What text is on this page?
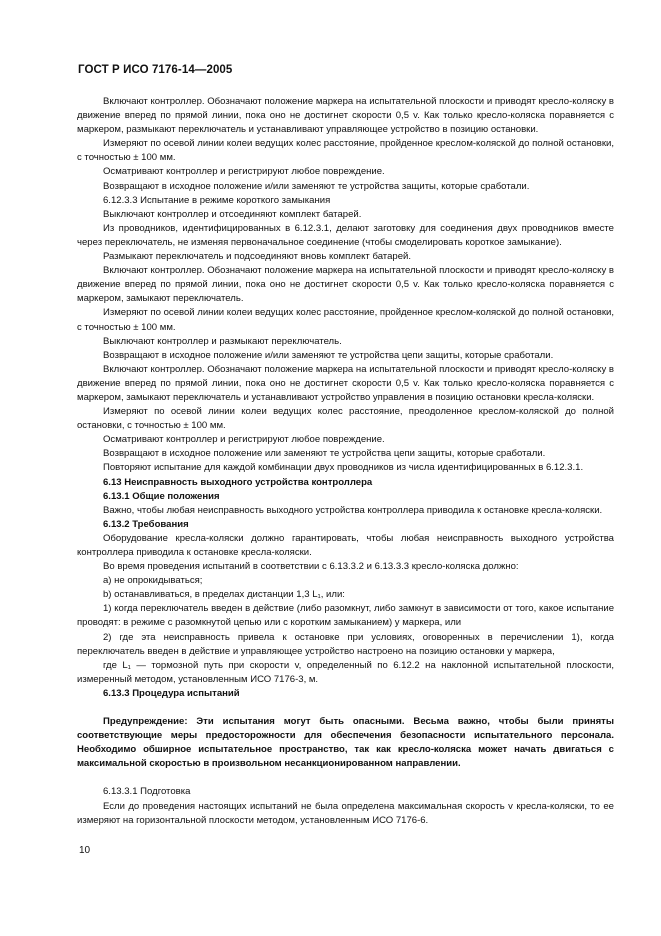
ГОСТ Р ИСО 7176-14—2005

Включают контроллер. Обозначают положение маркера на испытательной плоскости и приводят кресло-коляску в движение вперед по прямой линии, пока оно не достигнет скорости 0,5 v. Как только кресло-коляска поравняется с маркером, размыкают переключатель и устанавливают управляющее устройство в позицию остановки.

Измеряют по осевой линии колеи ведущих колес расстояние, пройденное креслом-коляской до полной остановки, с точностью ± 100 мм.

Осматривают контроллер и регистрируют любое повреждение.

Возвращают в исходное положение и/или заменяют те устройства защиты, которые сработали.

6.12.3.3 Испытание в режиме короткого замыкания

Выключают контроллер и отсоединяют комплект батарей.

Из проводников, идентифицированных в 6.12.3.1, делают заготовку для соединения двух проводников вместе через переключатель, не изменяя первоначальное соединение (чтобы смоделировать короткое замыкание).

Размыкают переключатель и подсоединяют вновь комплект батарей.

Включают контроллер. Обозначают положение маркера на испытательной плоскости и приводят кресло-коляску в движение вперед по прямой линии, пока оно не достигнет скорости 0,5 v. Как только кресло-коляска поравняется с маркером, замыкают переключатель.

Измеряют по осевой линии колеи ведущих колес расстояние, пройденное креслом-коляской до полной остановки, с точностью ± 100 мм.

Выключают контроллер и размыкают переключатель.

Возвращают в исходное положение и/или заменяют те устройства цепи защиты, которые сработали.

Включают контроллер. Обозначают положение маркера на испытательной плоскости и приводят кресло-коляску в движение вперед по прямой линии, пока оно не достигнет скорости 0,5 v. Как только кресло-коляска поравняется с маркером, замыкают переключатель и устанавливают устройство управления в позицию остановки кресла-коляски.

Измеряют по осевой линии колеи ведущих колес расстояние, преодоленное креслом-коляской до полной остановки, с точностью ± 100 мм.

Осматривают контроллер и регистрируют любое повреждение.

Возвращают в исходное положение или заменяют те устройства цепи защиты, которые сработали.

Повторяют испытание для каждой комбинации двух проводников из числа идентифицированных в 6.12.3.1.

6.13 Неисправность выходного устройства контроллера

6.13.1 Общие положения

Важно, чтобы любая неисправность выходного устройства контроллера приводила к остановке кресла-коляски.

6.13.2 Требования

Оборудование кресла-коляски должно гарантировать, чтобы любая неисправность выходного устройства контроллера приводила к остановке кресла-коляски.

Во время проведения испытаний в соответствии с 6.13.3.2 и 6.13.3.3 кресло-коляска должно:

a) не опрокидываться;

b) останавливаться, в пределах дистанции 1,3 L₁, или:

1) когда переключатель введен в действие (либо разомкнут, либо замкнут в зависимости от того, какое испытание проводят: в режиме с разомкнутой цепью или с коротким замыканием) у маркера, или

2) где эта неисправность привела к остановке при условиях, оговоренных в перечислении 1), когда переключатель введен в действие и управляющее устройство настроено на позицию остановки у маркера,

где L₁ — тормозной путь при скорости v, определенный по 6.12.2 на наклонной испытательной плоскости, измеренный методом, установленным ИСО 7176-3, м.

6.13.3 Процедура испытаний

Предупреждение: Эти испытания могут быть опасными. Весьма важно, чтобы были приняты соответствующие меры предосторожности для обеспечения безопасности испытательного персонала. Необходимо обширное испытательное пространство, так как кресло-коляска может начать двигаться с максимальной скоростью в произвольном несанкционированном направлении.

6.13.3.1 Подготовка

Если до проведения настоящих испытаний не была определена максимальная скорость v кресла-коляски, то ее измеряют на горизонтальной плоскости методом, установленным ИСО 7176-6.

10
